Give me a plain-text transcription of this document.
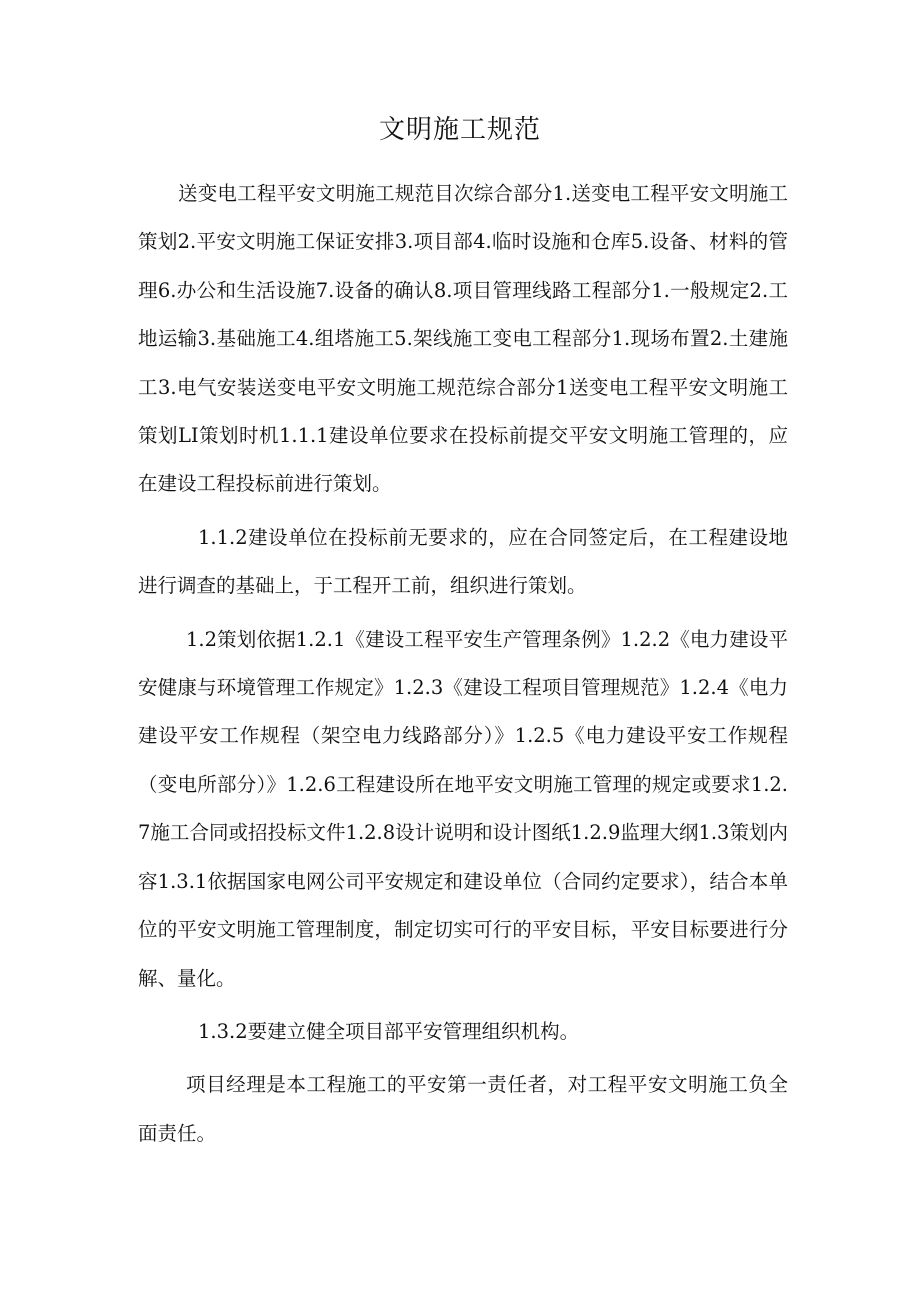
文明施工规范

送变电工程平安文明施工规范目次综合部分1.送变电工程平安文明施工策划2.平安文明施工保证安排3.项目部4.临时设施和仓库5.设备、材料的管理6.办公和生活设施7.设备的确认8.项目管理线路工程部分1.一般规定2.工地运输3.基础施工4.组塔施工5.架线施工变电工程部分1.现场布置2.土建施工3.电气安装送变电平安文明施工规范综合部分1送变电工程平安文明施工策划LI策划时机1.1.1建设单位要求在投标前提交平安文明施工管理的，应在建设工程投标前进行策划。

1.1.2建设单位在投标前无要求的，应在合同签定后，在工程建设地进行调查的基础上，于工程开工前，组织进行策划。

1.2策划依据1.2.1《建设工程平安生产管理条例》1.2.2《电力建设平安健康与环境管理工作规定》1.2.3《建设工程项目管理规范》1.2.4《电力建设平安工作规程（架空电力线路部分）》1.2.5《电力建设平安工作规程（变电所部分）》1.2.6工程建设所在地平安文明施工管理的规定或要求1.2.7施工合同或招投标文件1.2.8设计说明和设计图纸1.2.9监理大纲1.3策划内容1.3.1依据国家电网公司平安规定和建设单位（合同约定要求），结合本单位的平安文明施工管理制度，制定切实可行的平安目标，平安目标要进行分解、量化。

1.3.2要建立健全项目部平安管理组织机构。

项目经理是本工程施工的平安第一责任者，对工程平安文明施工负全面责任。
